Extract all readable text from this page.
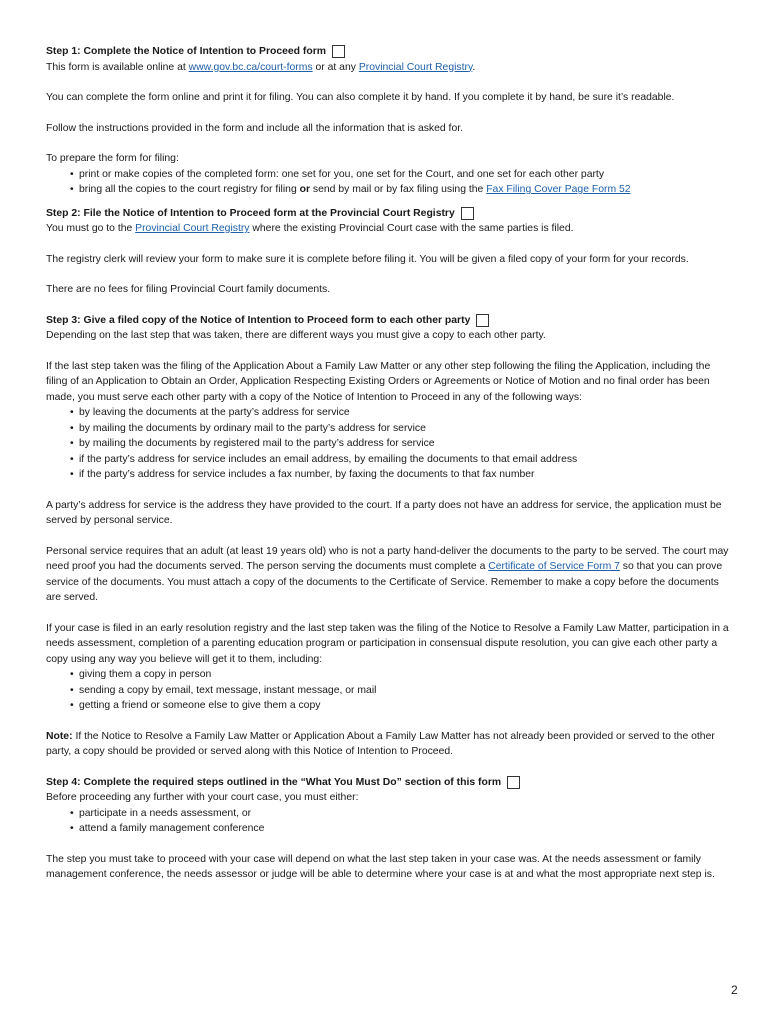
Step 1: Complete the Notice of Intention to Proceed form

This form is available online at www.gov.bc.ca/court-forms or at any Provincial Court Registry.

You can complete the form online and print it for filing. You can also complete it by hand. If you complete it by hand, be sure it’s readable.

Follow the instructions provided in the form and include all the information that is asked for.

To prepare the form for filing:

• print or make copies of the completed form: one set for you, one set for the Court, and one set for each other party
• bring all the copies to the court registry for filing or send by mail or by fax filing using the Fax Filing Cover Page Form 52
Step 2: File the Notice of Intention to Proceed form at the Provincial Court Registry

You must go to the Provincial Court Registry where the existing Provincial Court case with the same parties is filed.

The registry clerk will review your form to make sure it is complete before filing it. You will be given a filed copy of your form for your records.

There are no fees for filing Provincial Court family documents.

Step 3: Give a filed copy of the Notice of Intention to Proceed form to each other party

Depending on the last step that was taken, there are different ways you must give a copy to each other party.

If the last step taken was the filing of the Application About a Family Law Matter or any other step following the filing the Application, including the filing of an Application to Obtain an Order, Application Respecting Existing Orders or Agreements or Notice of Motion and no final order has been made, you must serve each other party with a copy of the Notice of Intention to Proceed in any of the following ways:

• by leaving the documents at the party’s address for service
• by mailing the documents by ordinary mail to the party’s address for service
• by mailing the documents by registered mail to the party’s address for service
• if the party’s address for service includes an email address, by emailing the documents to that email address
• if the party’s address for service includes a fax number, by faxing the documents to that fax number

A party’s address for service is the address they have provided to the court. If a party does not have an address for service, the application must be served by personal service.

Personal service requires that an adult (at least 19 years old) who is not a party hand-deliver the documents to the party to be served. The court may need proof you had the documents served. The person serving the documents must complete a Certificate of Service Form 7 so that you can prove service of the documents. You must attach a copy of the documents to the Certificate of Service. Remember to make a copy before the documents are served.

If your case is filed in an early resolution registry and the last step taken was the filing of the Notice to Resolve a Family Law Matter, participation in a needs assessment, completion of a parenting education program or participation in consensual dispute resolution, you can give each other party a copy using any way you believe will get it to them, including:

• giving them a copy in person
• sending a copy by email, text message, instant message, or mail
• getting a friend or someone else to give them a copy

Note: If the Notice to Resolve a Family Law Matter or Application About a Family Law Matter has not already been provided or served to the other party, a copy should be provided or served along with this Notice of Intention to Proceed.

Step 4: Complete the required steps outlined in the “What You Must Do” section of this form

Before proceeding any further with your court case, you must either:

• participate in a needs assessment, or
• attend a family management conference

The step you must take to proceed with your case will depend on what the last step taken in your case was. At the needs assessment or family management conference, the needs assessor or judge will be able to determine where your case is at and what the most appropriate next step is.

2
